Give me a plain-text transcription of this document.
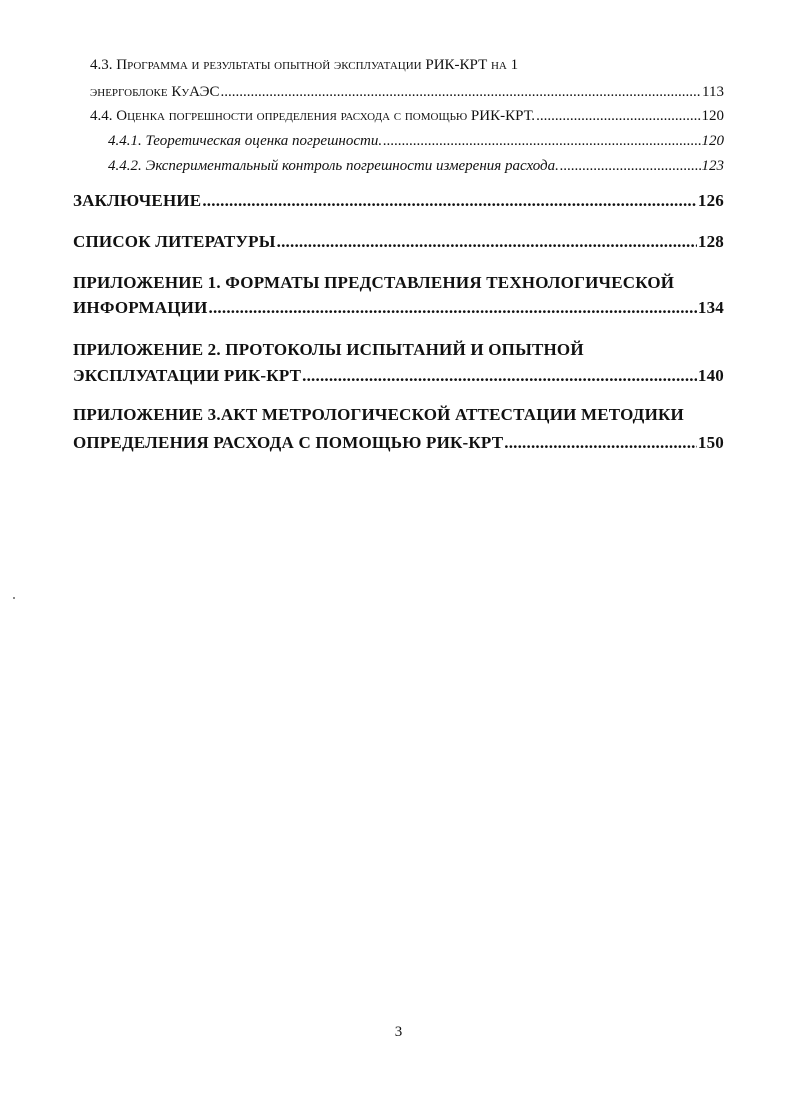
4.3. Программа и результаты опытной эксплуатации РИК-КРТ на 1
энергоблоке КуАЭС .....	113
4.4. Оценка погрешности определения расхода с помощью РИК-КРТ. .....	120
4.4.1. Теоретическая оценка погрешности. .....	120
4.4.2. Экспериментальный контроль погрешности измерения расхода. .....	123
ЗАКЛЮЧЕНИЕ .....	126
СПИСОК ЛИТЕРАТУРЫ .....	128
ПРИЛОЖЕНИЕ 1. ФОРМАТЫ ПРЕДСТАВЛЕНИЯ ТЕХНОЛОГИЧЕСКОЙ
ИНФОРМАЦИИ .....	134
ПРИЛОЖЕНИЕ 2. ПРОТОКОЛЫ ИСПЫТАНИЙ И ОПЫТНОЙ
ЭКСПЛУАТАЦИИ РИК-КРТ .....	140
ПРИЛОЖЕНИЕ 3.АКТ МЕТРОЛОГИЧЕСКОЙ АТТЕСТАЦИИ МЕТОДИКИ
ОПРЕДЕЛЕНИЯ РАСХОДА С ПОМОЩЬЮ РИК-КРТ .....	150
3
